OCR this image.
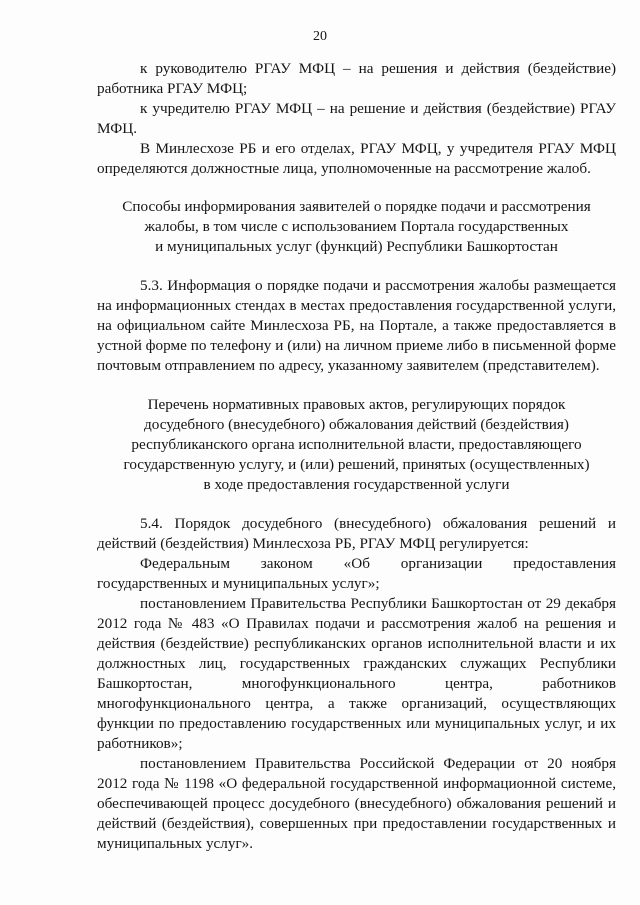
20

к руководителю РГАУ МФЦ – на решения и действия (бездействие) работника РГАУ МФЦ;

к учредителю РГАУ МФЦ – на решение и действия (бездействие) РГАУ МФЦ.

В Минлесхозе РБ и его отделах, РГАУ МФЦ, у учредителя РГАУ МФЦ определяются должностные лица, уполномоченные на рассмотрение жалоб.

Способы информирования заявителей о порядке подачи и рассмотрения

жалобы, в том числе с использованием Портала государственных

и муниципальных услуг (функций) Республики Башкортостан

5.3. Информация о порядке подачи и рассмотрения жалобы размещается на информационных стендах в местах предоставления государственной услуги, на официальном сайте Минлесхоза РБ, на Портале, а также предоставляется в устной форме по телефону и (или) на личном приеме либо в письменной форме почтовым отправлением по адресу, указанному заявителем (представителем).

Перечень нормативных правовых актов, регулирующих порядок

досудебного (внесудебного) обжалования действий (бездействия)

республиканского органа исполнительной власти, предоставляющего

государственную услугу, и (или) решений, принятых (осуществленных)

в ходе предоставления государственной услуги

5.4. Порядок досудебного (внесудебного) обжалования решений и действий (бездействия) Минлесхоза РБ, РГАУ МФЦ регулируется:

Федеральным законом «Об организации предоставления государственных и муниципальных услуг»;

постановлением Правительства Республики Башкортостан от 29 декабря 2012 года № 483 «О Правилах подачи и рассмотрения жалоб на решения и действия (бездействие) республиканских органов исполнительной власти и их должностных лиц, государственных гражданских служащих Республики Башкортостан, многофункционального центра, работников многофункционального центра, а также организаций, осуществляющих функции по предоставлению государственных или муниципальных услуг, и их работников»;

постановлением Правительства Российской Федерации от 20 ноября 2012 года № 1198 «О федеральной государственной информационной системе, обеспечивающей процесс досудебного (внесудебного) обжалования решений и действий (бездействия), совершенных при предоставлении государственных и муниципальных услуг».
